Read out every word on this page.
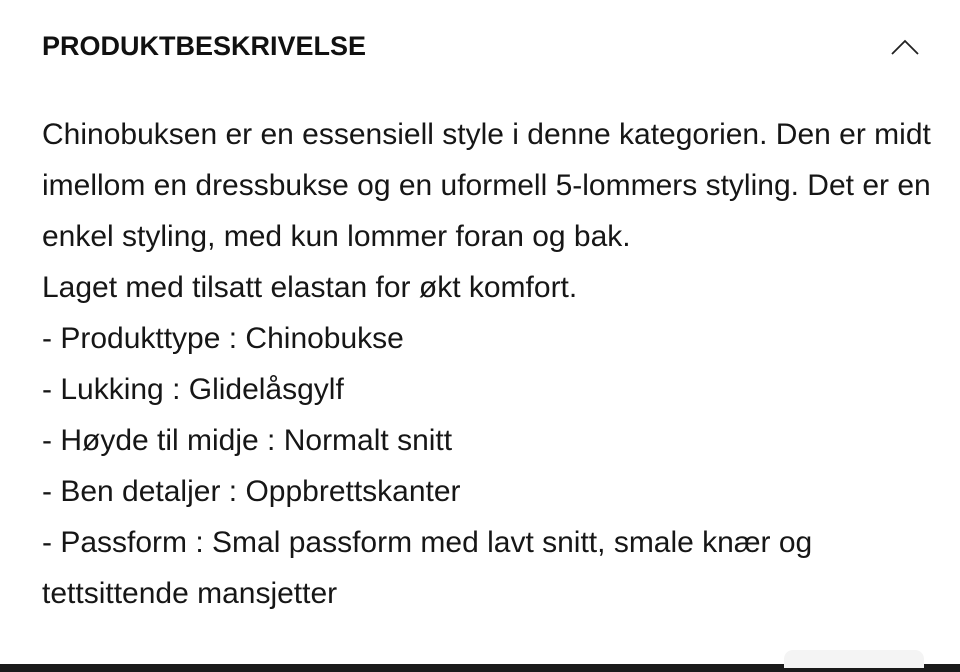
PRODUKTBESKRIVELSE

Chinobuksen er en essensiell style i denne kategorien. Den er midt imellom en dressbukse og en uformell 5-lommers styling. Det er en enkel styling, med kun lommer foran og bak.

Laget med tilsatt elastan for økt komfort.

- Produkttype : Chinobukse
- Lukking : Glidelåsgylf
- Høyde til midje : Normalt snitt
- Ben detaljer : Oppbrettskanter
- Passform : Smal passform med lavt snitt, smale knær og tettsittende mansjetter
